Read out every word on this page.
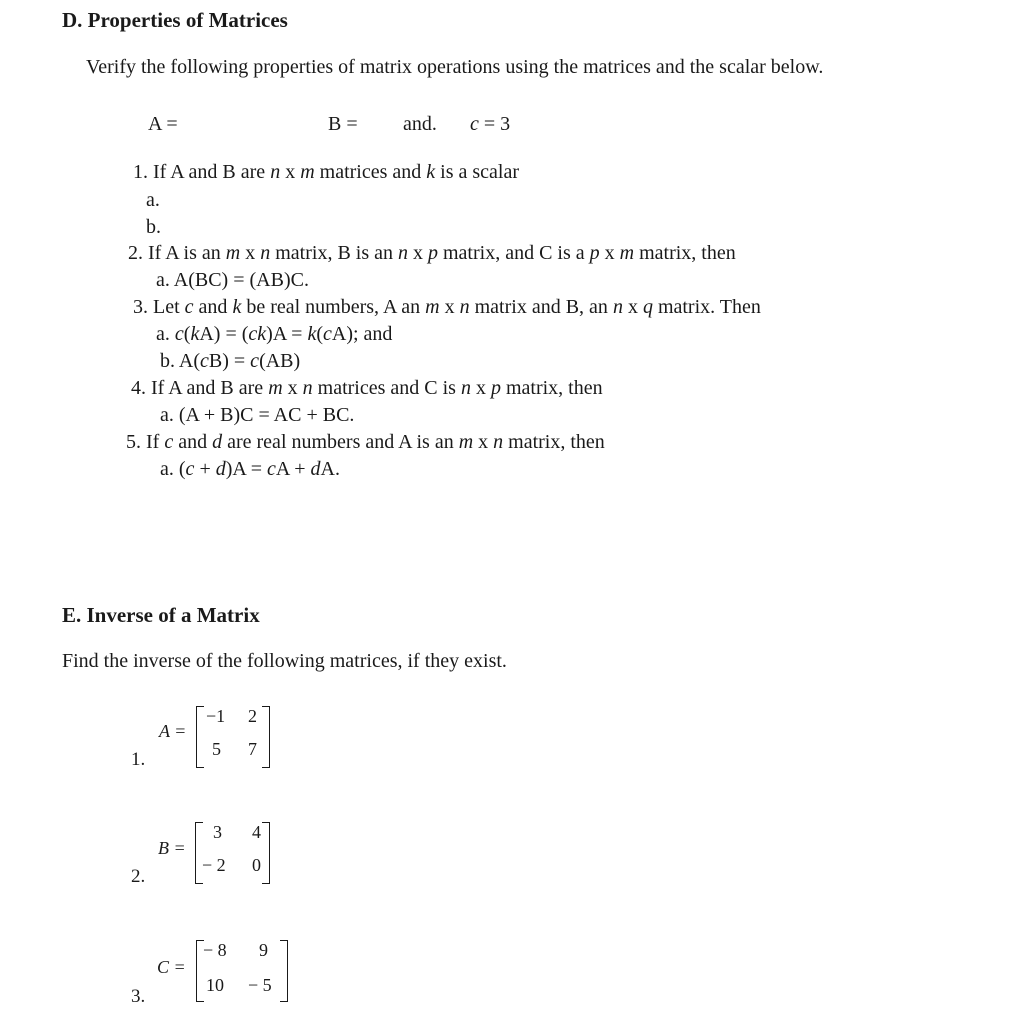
D. Properties of Matrices
Verify the following properties of matrix operations using the matrices and the scalar below.
A =	B = and. c = 3
1. If A and B are n x m matrices and k is a scalar
a.
b.
2. If A is an m x n matrix, B is an n x p matrix, and C is a p x m matrix, then
a. A(BC) = (AB)C.
3. Let c and k be real numbers, A an m x n matrix and B, an n x q matrix. Then
a. c(kA) = (ck)A = k(cA); and
b. A(cB) = c(AB)
4. If A and B are m x n matrices and C is n x p matrix, then
a. (A + B)C = AC + BC.
5. If c and d are real numbers and A is an m x n matrix, then
a. (c + d)A = cA + dA.
E. Inverse of a Matrix
Find the inverse of the following matrices, if they exist.
1.
A =
−1 2
5 7
2.
B =
3 4
− 2 0
3.
C =
− 8 9
10 − 5
